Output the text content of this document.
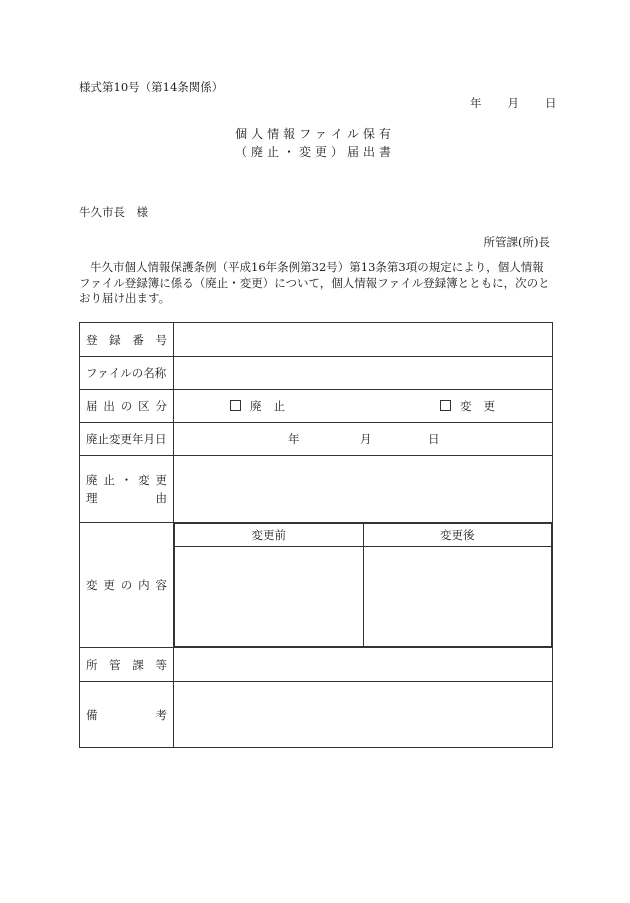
様式第10号（第14条関係）
年 月 日
個人情報ファイル保有
（廃止・変更）届出書
牛久市長　様
所管課(所)長
牛久市個人情報保護条例（平成16年条例第32号）第13条第3項の規定により，個人情報ファイル登録簿に係る（廃止・変更）について，個人情報ファイル登録簿とともに，次のとおり届け出ます。
登 録 番 号

ファイルの名称	

届 出 の 区 分	廃止	変更

廃止変更年月日	年	月	日

廃 止 ・ 変 更
理	由

変 更 の 内 容

変更前	変更後

所 管 課 等

備	考
